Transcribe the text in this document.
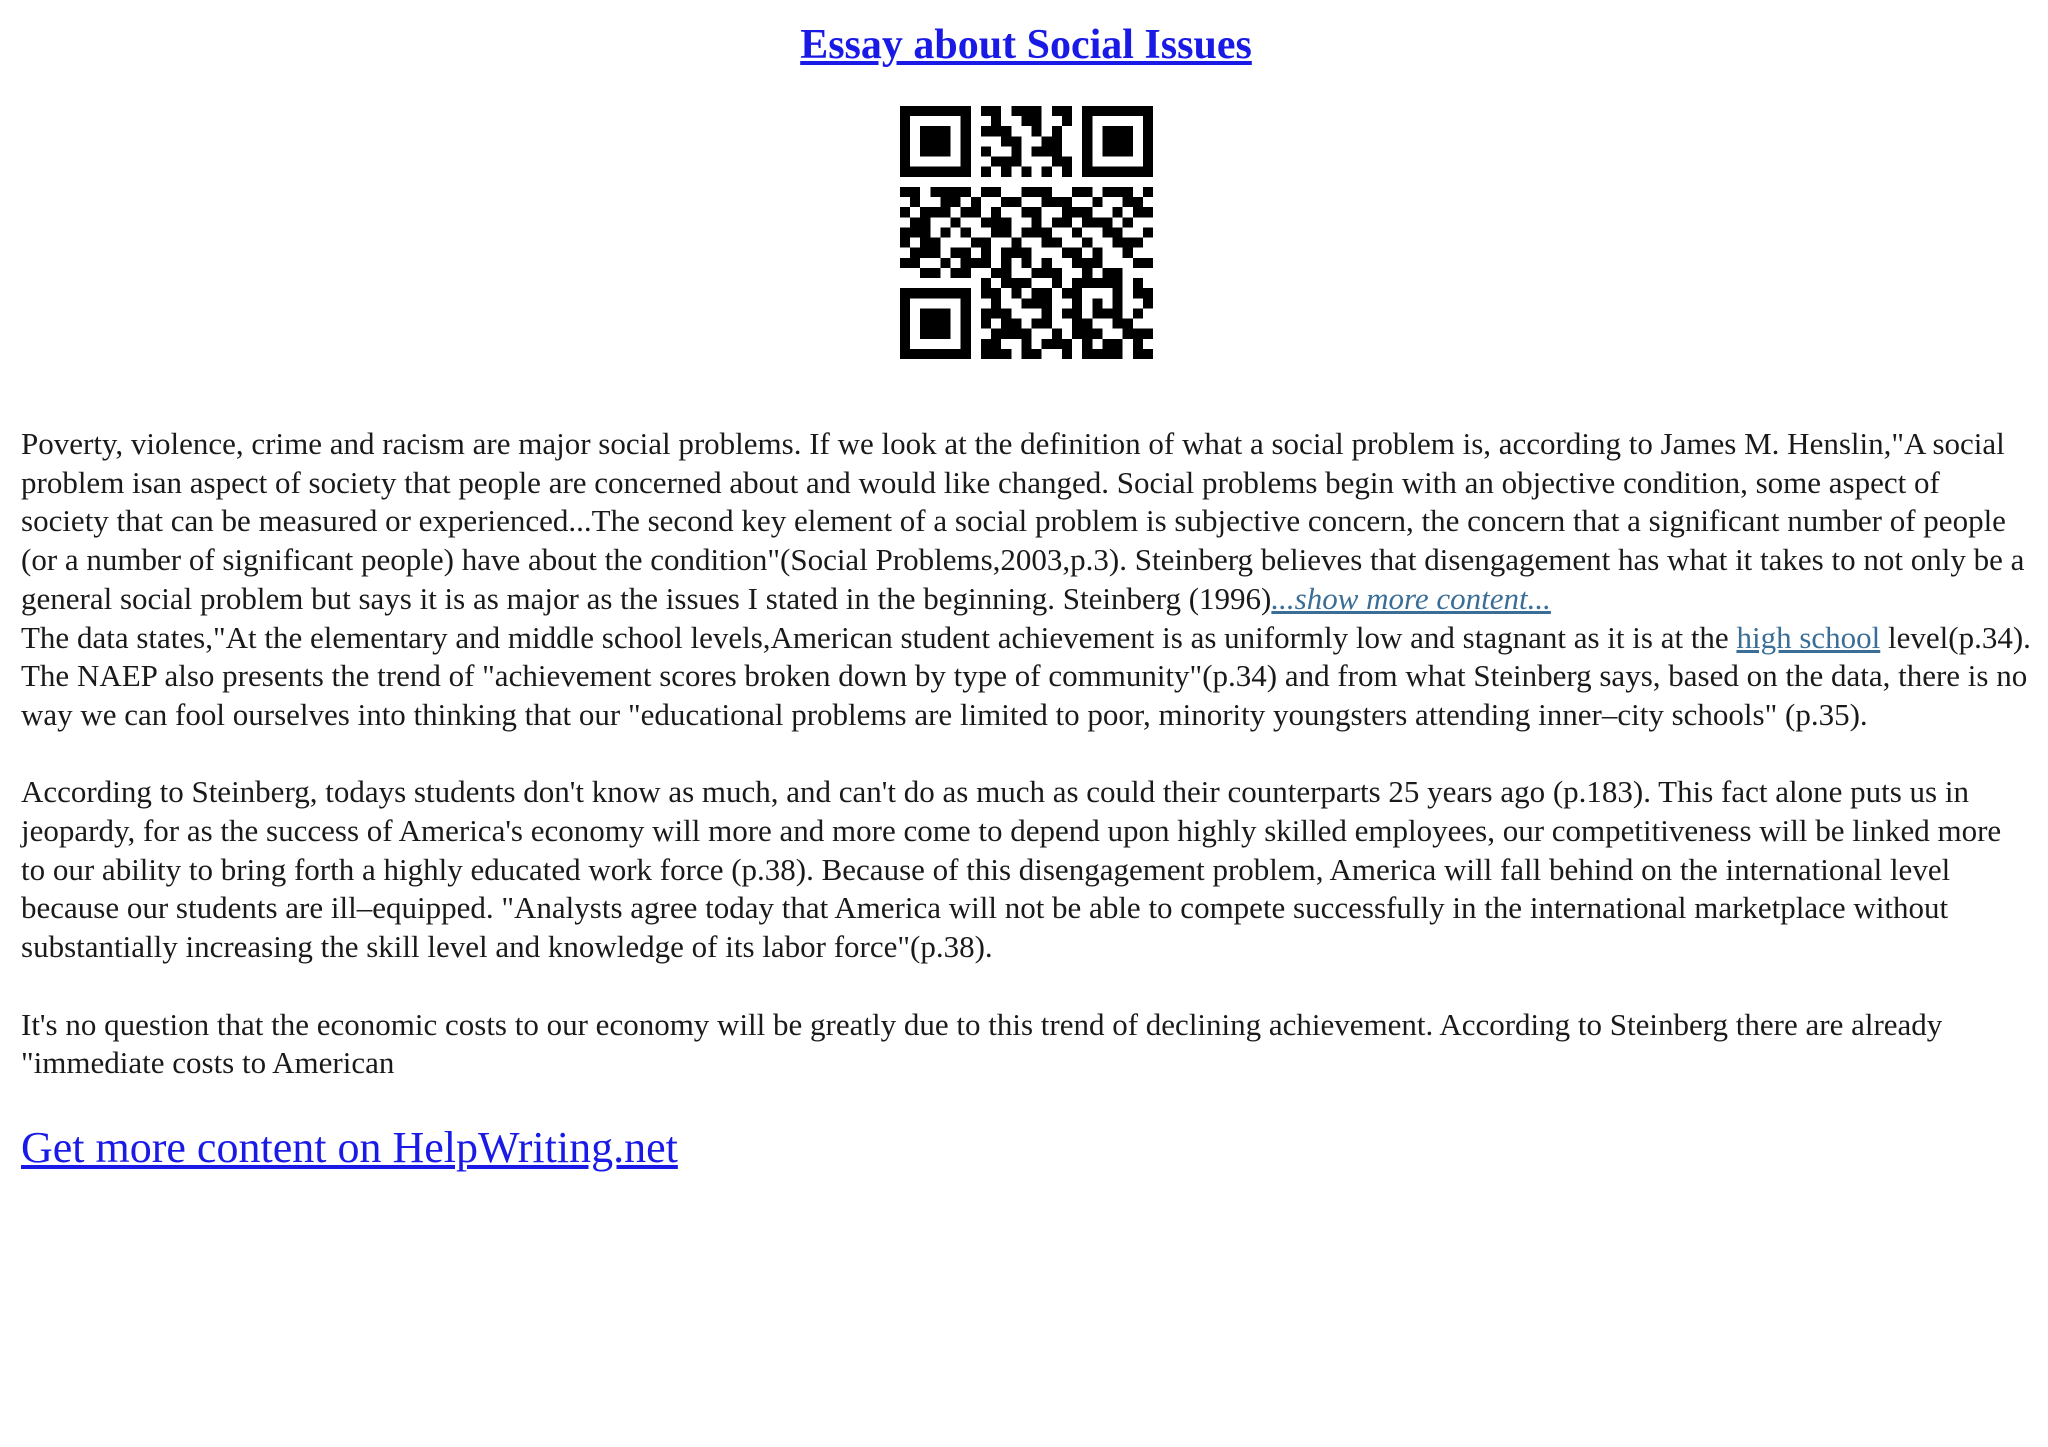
Essay about Social Issues

Poverty, violence, crime and racism are major social problems. If we look at the definition of what a social problem is, according to James M. Henslin,"A social problem isan aspect of society that people are concerned about and would like changed. Social problems begin with an objective condition, some aspect of society that can be measured or experienced...The second key element of a social problem is subjective concern, the concern that a significant number of people (or a number of significant people) have about the condition"(Social Problems,2003,p.3). Steinberg believes that disengagement has what it takes to not only be a general social problem but says it is as major as the issues I stated in the beginning. Steinberg (1996)...show more content...

The data states,"At the elementary and middle school levels,American student achievement is as uniformly low and stagnant as it is at the high school level(p.34). The NAEP also presents the trend of "achievement scores broken down by type of community"(p.34) and from what Steinberg says, based on the data, there is no way we can fool ourselves into thinking that our "educational problems are limited to poor, minority youngsters attending inner–city schools" (p.35).

According to Steinberg, todays students don't know as much, and can't do as much as could their counterparts 25 years ago (p.183). This fact alone puts us in jeopardy, for as the success of America's economy will more and more come to depend upon highly skilled employees, our competitiveness will be linked more to our ability to bring forth a highly educated work force (p.38). Because of this disengagement problem, America will fall behind on the international level because our students are ill–equipped. "Analysts agree today that America will not be able to compete successfully in the international marketplace without substantially increasing the skill level and knowledge of its labor force"(p.38).

It's no question that the economic costs to our economy will be greatly due to this trend of declining achievement. According to Steinberg there are already "immediate costs to American

Get more content on HelpWriting.net
